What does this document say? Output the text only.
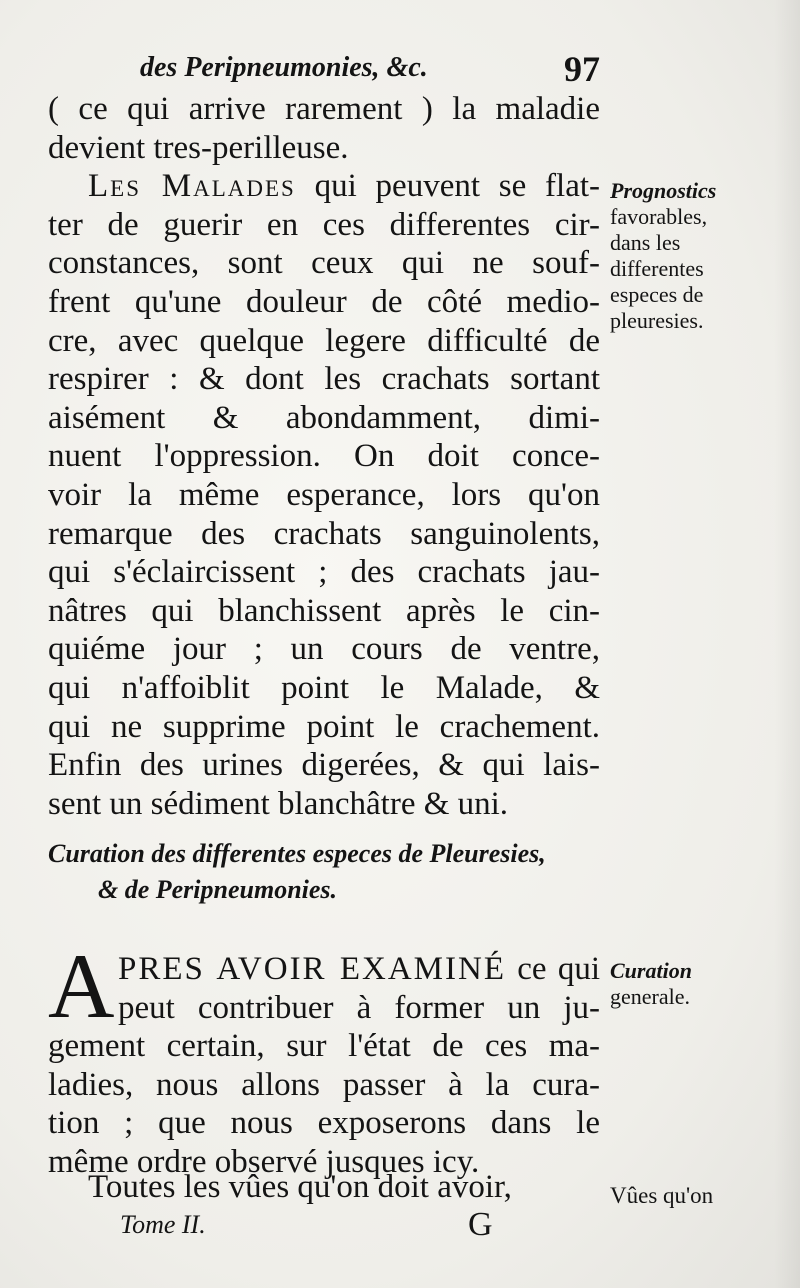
des Peripneumonies, &c.	97
( ce qui arrive rarement ) la maladie
devient tres-perilleuse.
Les Malades qui peuvent se flat-
ter de guerir en ces differentes cir-
constances, sont ceux qui ne souf-
frent qu'une douleur de côté medio-
cre, avec quelque legere difficulté de
respirer : & dont les crachats sortant
aisément & abondamment, dimi-
nuent l'oppression. On doit conce-
voir la même esperance, lors qu'on
remarque des crachats sanguinolents,
qui s'éclaircissent ; des crachats jau-
nâtres qui blanchissent après le cin-
quiéme jour ; un cours de ventre,
qui n'affoiblit point le Malade, &
qui ne supprime point le crachement.
Enfin des urines digerées, & qui lais-
sent un sédiment blanchâtre & uni.
Curation des differentes especes de Pleuresies,
& de Peripneumonies.
A PRES AVOIR EXAMINÉ ce qui
peut contribuer à former un ju-
gement certain, sur l'état de ces ma-
ladies, nous allons passer à la cura-
tion ; que nous exposerons dans le
même ordre observé jusques icy.
Toutes les vûes qu'on doit avoir,
Prognostics
favorables,
dans les
differentes
especes de
pleuresies.
Curation
generale.
Vûes qu'on
Tome II.	G
